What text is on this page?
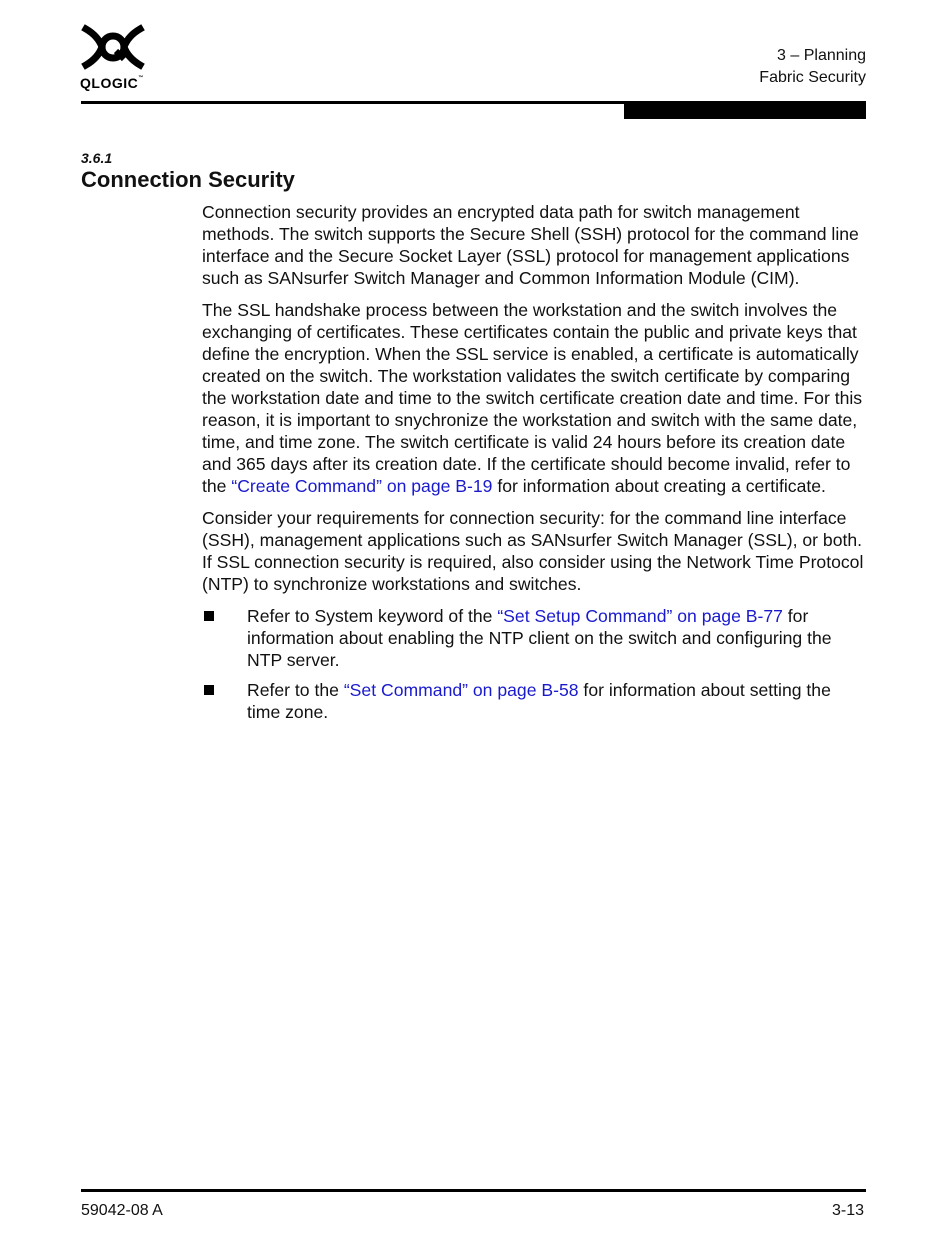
QLOGIC™
3 – Planning
Fabric Security
3.6.1
Connection Security

Connection security provides an encrypted data path for switch management methods. The switch supports the Secure Shell (SSH) protocol for the command line interface and the Secure Socket Layer (SSL) protocol for management applications such as SANsurfer Switch Manager and Common Information Module (CIM).

The SSL handshake process between the workstation and the switch involves the exchanging of certificates. These certificates contain the public and private keys that define the encryption. When the SSL service is enabled, a certificate is automatically created on the switch. The workstation validates the switch certificate by comparing the workstation date and time to the switch certificate creation date and time. For this reason, it is important to snychronize the workstation and switch with the same date, time, and time zone. The switch certificate is valid 24 hours before its creation date and 365 days after its creation date. If the certificate should become invalid, refer to the “Create Command” on page B-19 for information about creating a certificate.

Consider your requirements for connection security: for the command line interface (SSH), management applications such as SANsurfer Switch Manager (SSL), or both. If SSL connection security is required, also consider using the Network Time Protocol (NTP) to synchronize workstations and switches.

Refer to System keyword of the “Set Setup Command” on page B-77 for information about enabling the NTP client on the switch and configuring the NTP server.
Refer to the “Set Command” on page B-58 for information about setting the time zone.
59042-08 A	3-13
